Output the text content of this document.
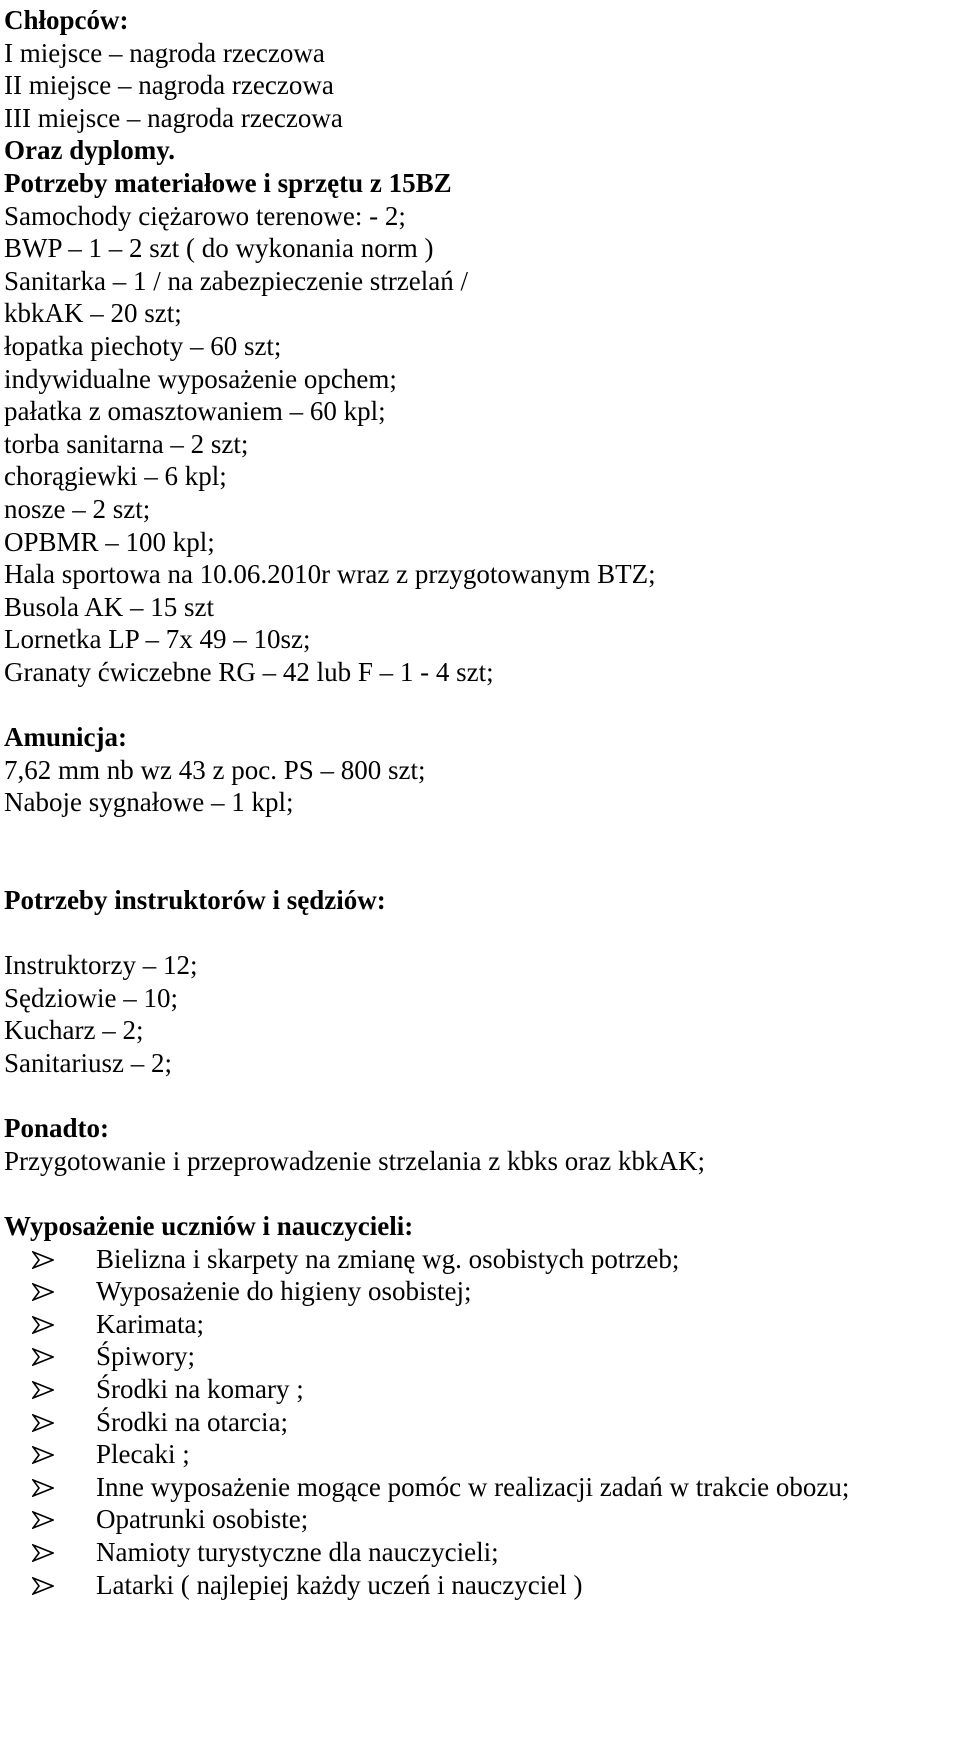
Chłopców:
I miejsce – nagroda rzeczowa
II miejsce – nagroda rzeczowa
III miejsce – nagroda rzeczowa
Oraz dyplomy.
Potrzeby materiałowe i sprzętu z 15BZ
Samochody ciężarowo terenowe: - 2;
BWP – 1 – 2 szt ( do wykonania norm )
Sanitarka – 1 / na zabezpieczenie strzelań /
kbkAK – 20 szt;
łopatka piechoty – 60 szt;
indywidualne wyposażenie opchem;
pałatka z omasztowaniem – 60 kpl;
torba sanitarna – 2 szt;
chorągiewki – 6 kpl;
nosze – 2 szt;
OPBMR – 100 kpl;
Hala sportowa na 10.06.2010r wraz z przygotowanym BTZ;
Busola AK – 15 szt
Lornetka LP – 7x 49 – 10sz;
Granaty ćwiczebne RG – 42 lub F – 1 - 4 szt;
Amunicja:
7,62 mm nb wz 43 z poc. PS – 800 szt;
Naboje sygnałowe – 1 kpl;
Potrzeby instruktorów i sędziów:
Instruktorzy – 12;
Sędziowie – 10;
Kucharz – 2;
Sanitariusz – 2;
Ponadto:
Przygotowanie i przeprowadzenie strzelania z kbks oraz kbkAK;
Wyposażenie uczniów i nauczycieli:
Bielizna i skarpety na zmianę wg. osobistych potrzeb;
Wyposażenie do higieny osobistej;
Karimata;
Śpiwory;
Środki na komary ;
Środki na otarcia;
Plecaki ;
Inne wyposażenie mogące pomóc w realizacji zadań w trakcie obozu;
Opatrunki osobiste;
Namioty turystyczne dla nauczycieli;
Latarki ( najlepiej każdy uczeń i nauczyciel )
